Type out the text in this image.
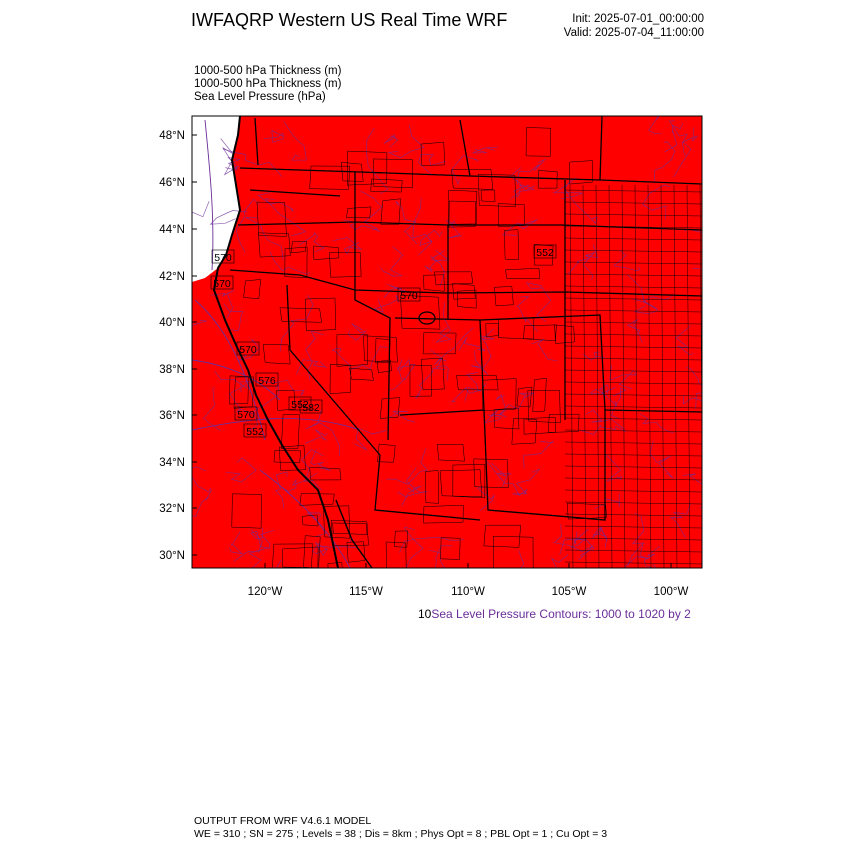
IWFAQRP Western US Real Time WRF	Init: 2025-07-01_00:00:00
Valid: 2025-07-04_11:00:00
1000-500 hPa Thickness (m)
1000-500 hPa Thickness (m)
Sea Level Pressure (hPa)
48°N
46°N
44°N
42°N
40°N
38°N
36°N
34°N
32°N
30°N
120°W	115°W	110°W	105°W	100°W
552
570
570
570
576
570
552
552
570
582
10Sea Level Pressure Contours: 1000 to 1020 by 2
OUTPUT FROM WRF V4.6.1 MODEL
WE = 310 ; SN = 275 ; Levels = 38 ; Dis = 8km ; Phys Opt = 8 ; PBL Opt = 1 ; Cu Opt = 3
